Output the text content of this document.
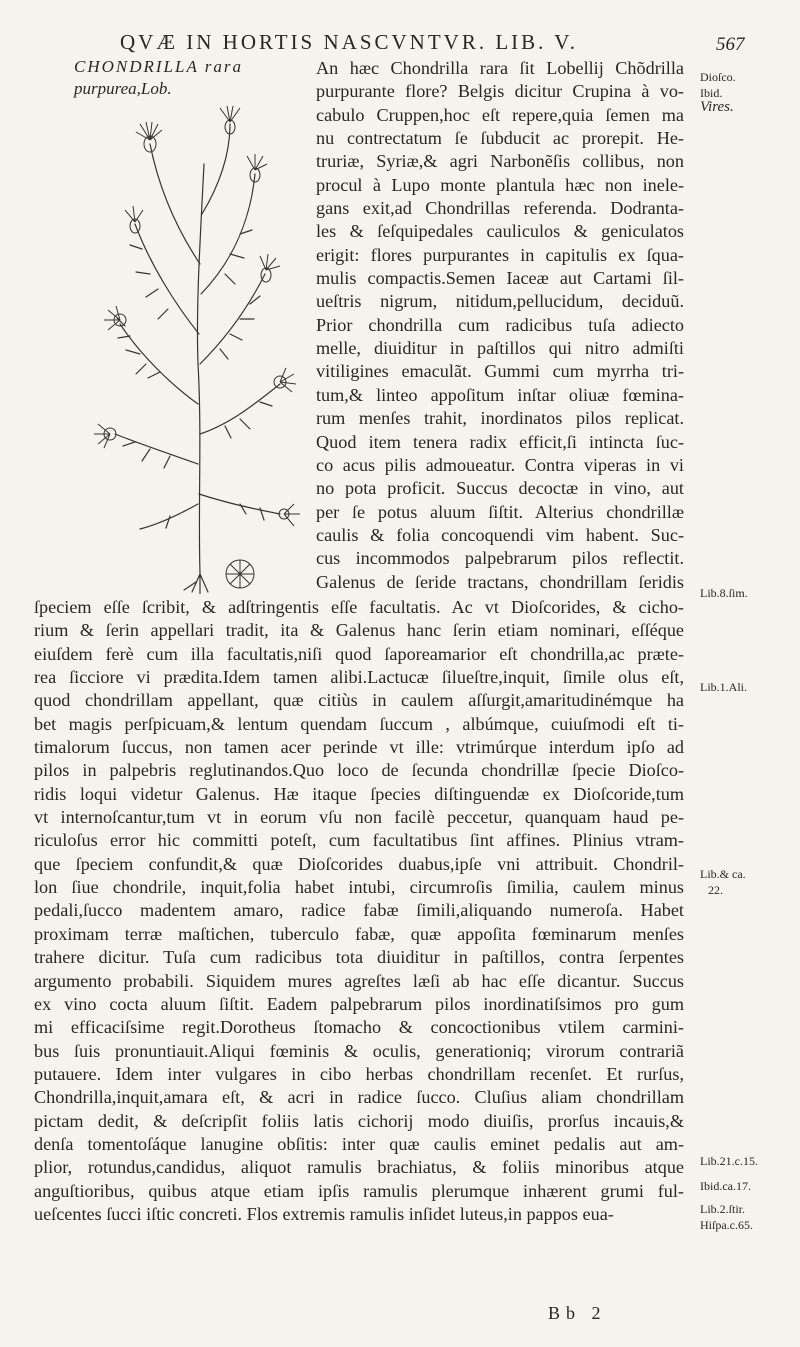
QVÆ IN HORTIS NASCVNTVR. LIB. V.	567
CHONDRILLA rara
purpurea,Lob.
An hæc Chondrilla rara ſit Lobellij Chõdrilla
purpurante flore? Belgis dicitur Crupina à vo-
cabulo Cruppen,hoc eſt repere,quia ſemen ma
nu contrectatum ſe ſubducit ac prorepit. He-
truriæ, Syriæ,& agri Narbonẽſis collibus, non
procul à Lupo monte plantula hæc non inele-
gans exit,ad Chondrillas referenda. Dodranta-
les & ſeſquipedales cauliculos & geniculatos
erigit: flores purpurantes in capitulis ex ſqua-
mulis compactis.Semen Iaceæ aut Cartami ſil-
ueſtris nigrum, nitidum,pellucidum, deciduũ.
Prior chondrilla cum radicibus tuſa adiecto
melle, diuiditur in paſtillos qui nitro admiſti
vitiligines emaculãt. Gummi cum myrrha tri-
tum,& linteo appoſitum inſtar oliuæ fœmina-
rum menſes trahit, inordinatos pilos replicat.
Quod item tenera radix efficit,ſi intincta ſuc-
co acus pilis admoueatur. Contra viperas in vi
no pota proficit. Succus decoctæ in vino, aut
per ſe potus aluum ſiſtit. Alterius chondrillæ
caulis & folia concoquendi vim habent. Suc-
cus incommodos palpebrarum pilos reflectit.
Galenus de ſeride tractans, chondrillam ſeridis
ſpeciem eſſe ſcribit, & adſtringentis eſſe facultatis. Ac vt Dioſcorides, & cicho-
rium & ſerin appellari tradit, ita & Galenus hanc ſerin etiam nominari, eſſéque
eiuſdem ferè cum illa facultatis,niſi quod ſaporeamarior eſt chondrilla,ac præte-
rea ſicciore vi prædita.Idem tamen alibi.Lactucæ ſilueſtre,inquit, ſimile olus eſt,
quod chondrillam appellant, quæ citiùs in caulem aſſurgit,amaritudinémque ha
bet magis perſpicuam,& lentum quendam ſuccum , albúmque, cuiuſmodi eſt ti-
timalorum ſuccus, non tamen acer perinde vt ille: vtrimúrque interdum ipſo ad
pilos in palpebris reglutinandos.Quo loco de ſecunda chondrillæ ſpecie Dioſco-
ridis loqui videtur Galenus. Hæ itaque ſpecies diſtinguendæ ex Dioſcoride,tum
vt internoſcantur,tum vt in eorum vſu non facilè peccetur, quanquam haud pe-
riculoſus error hic committi poteſt, cum facultatibus ſint affines. Plinius vtram-
que ſpeciem confundit,& quæ Dioſcorides duabus,ipſe vni attribuit. Chondril-
lon ſiue chondrile, inquit,folia habet intubi, circumroſis ſimilia, caulem minus
pedali,ſucco madentem amaro, radice fabæ ſimili,aliquando numeroſa. Habet
proximam terræ maſtichen, tuberculo fabæ, quæ appoſita fœminarum menſes
trahere dicitur. Tuſa cum radicibus tota diuiditur in paſtillos, contra ſerpentes
argumento probabili. Siquidem mures agreſtes læſi ab hac eſſe dicantur. Succus
ex vino cocta aluum ſiſtit. Eadem palpebrarum pilos inordinatiſsimos pro gum
mi efficaciſsime regit.Dorotheus ſtomacho & concoctionibus vtilem carmini-
bus ſuis pronuntiauit.Aliqui fœminis & oculis, generationiq; virorum contrariã
putauere. Idem inter vulgares in cibo herbas chondrillam recenſet. Et rurſus,
Chondrilla,inquit,amara eſt, & acri in radice ſucco. Cluſius aliam chondrillam
pictam dedit, & deſcripſit foliis latis cichorij modo diuiſis, prorſus incauis,&
denſa tomentoſáque lanugine obſitis: inter quæ caulis eminet pedalis aut am-
plior, rotundus,candidus, aliquot ramulis brachiatus, & foliis minoribus atque
anguſtioribus, quibus atque etiam ipſis ramulis plerumque inhærent grumi ful-
ueſcentes ſucci iſtic concreti. Flos extremis ramulis inſidet luteus,in pappos eua-
Dioſco.
Ibid.
Vires.
Lib.8.ſim.
Lib.1.Ali.
Lib.& ca.
22.
Lib.21.c.15.
Ibid.ca.17.
Lib.2.ſtir.
Hiſpa.c.65.
Bb 2
